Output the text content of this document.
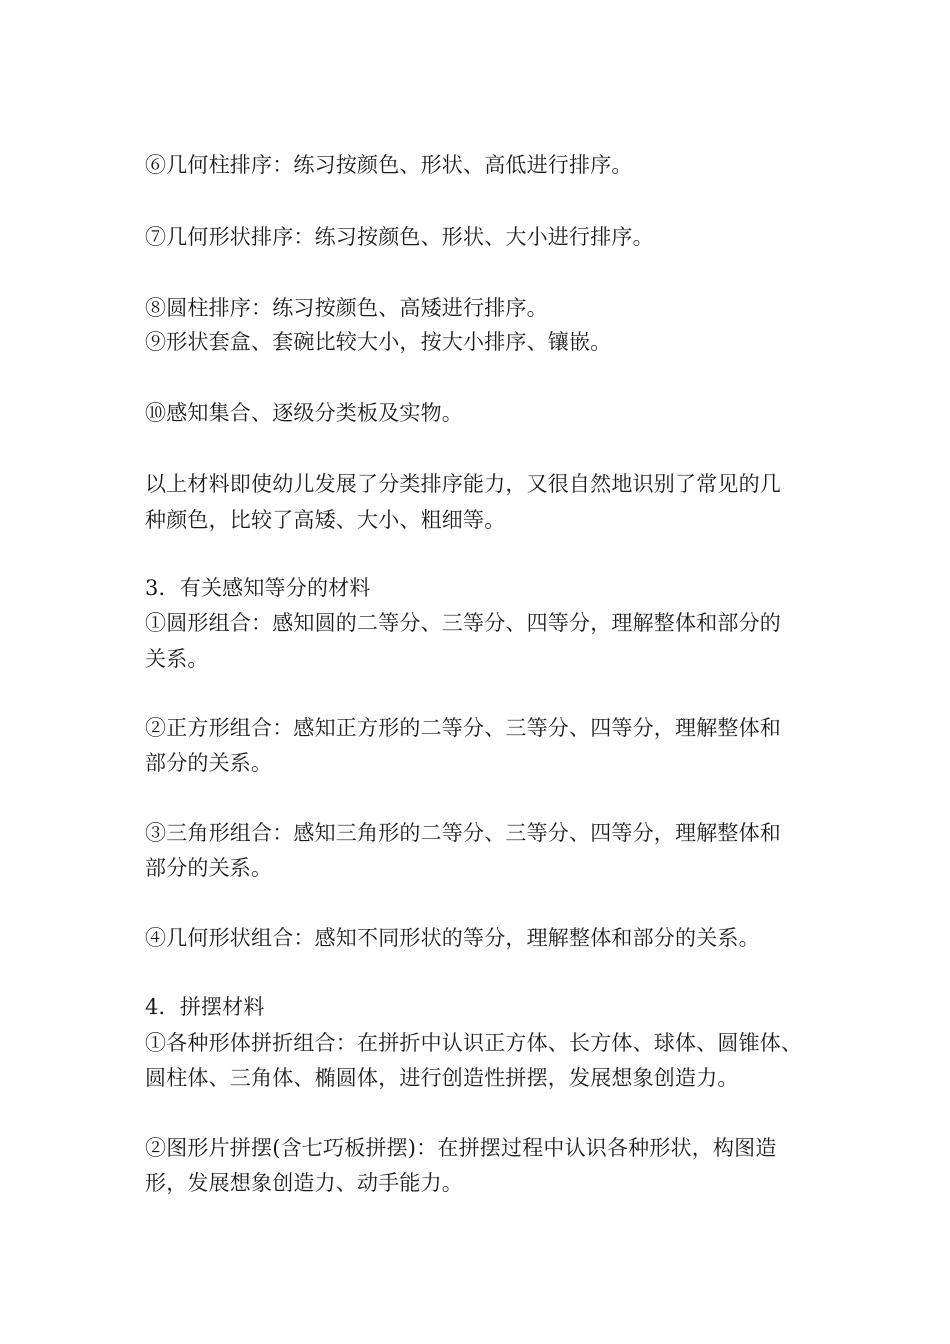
⑥几何柱排序：练习按颜色、形状、高低进行排序。
⑦几何形状排序：练习按颜色、形状、大小进行排序。
⑧圆柱排序：练习按颜色、高矮进行排序。
⑨形状套盒、套碗比较大小，按大小排序、镶嵌。
⑩感知集合、逐级分类板及实物。
以上材料即使幼儿发展了分类排序能力，又很自然地识别了常见的几
种颜色，比较了高矮、大小、粗细等。
3．有关感知等分的材料
①圆形组合：感知圆的二等分、三等分、四等分，理解整体和部分的
关系。
②正方形组合：感知正方形的二等分、三等分、四等分，理解整体和
部分的关系。
③三角形组合：感知三角形的二等分、三等分、四等分，理解整体和
部分的关系。
④几何形状组合：感知不同形状的等分，理解整体和部分的关系。
4．拼摆材料
①各种形体拼折组合：在拼折中认识正方体、长方体、球体、圆锥体、
圆柱体、三角体、椭圆体，进行创造性拼摆，发展想象创造力。
②图形片拼摆(含七巧板拼摆)：在拼摆过程中认识各种形状，构图造
形，发展想象创造力、动手能力。
